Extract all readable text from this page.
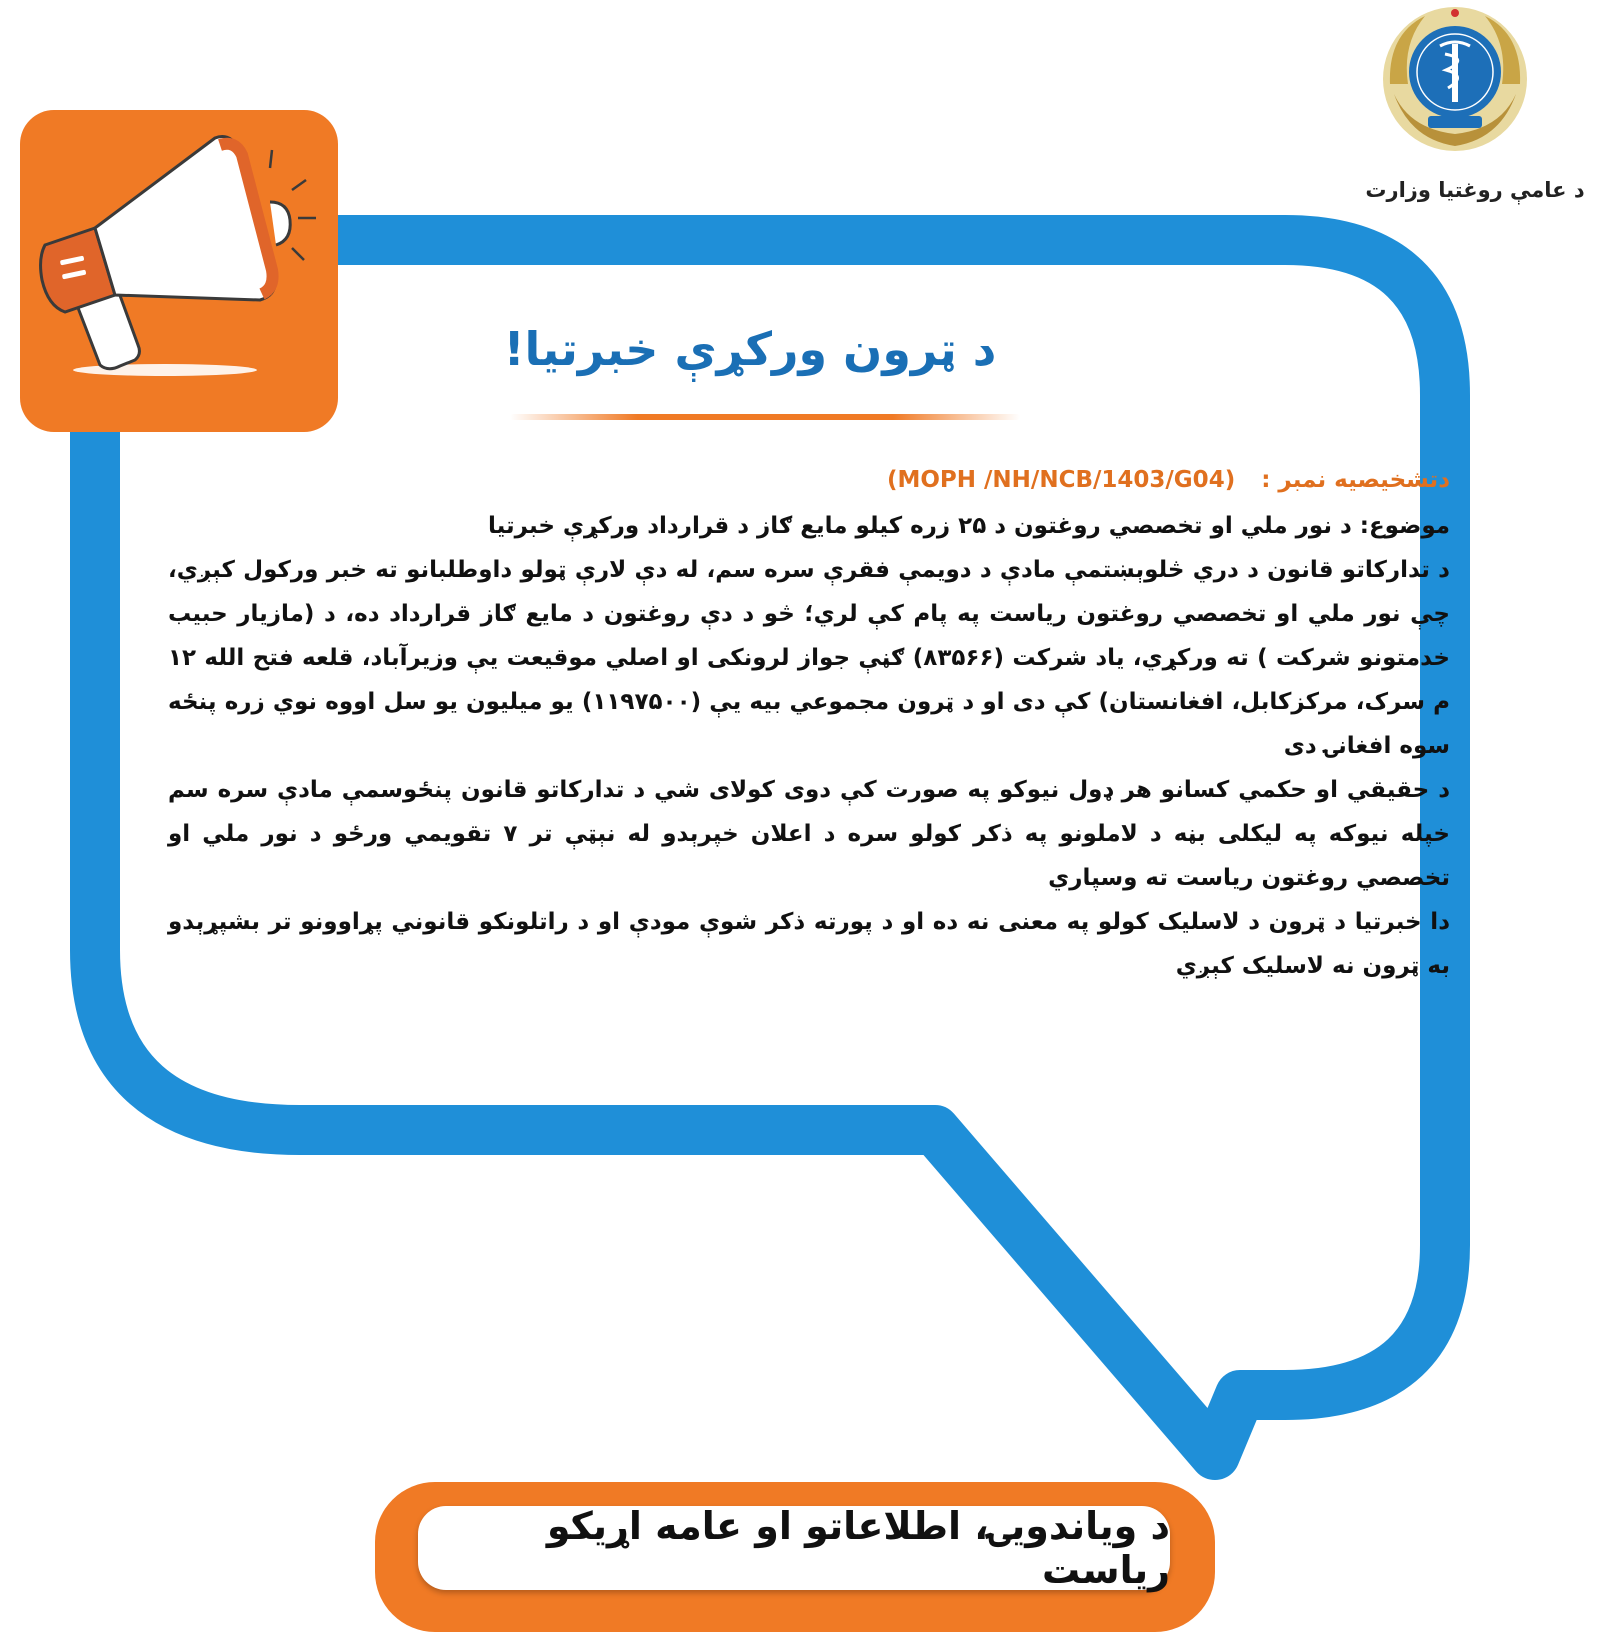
د عامې روغتیا وزارت
د ټرون ورکړې خبرتیا!
دتشخیصیه نمبر : (MOPH /NH/NCB/1403/G04)

موضوع: د نور ملي او تخصصي روغتون د ۲۵ زره کیلو مایع ګاز د قرارداد ورکړې خبرتیا

د تدارکاتو قانون د دري څلوېښتمې مادې د دویمې فقرې سره سم، له دې لارې ټولو داوطلبانو ته خبر ورکول کېږي، چې نور ملي او تخصصي روغتون ریاست په پام کې لري؛ څو د دې روغتون د مایع ګاز قرارداد ده، د (مازیار حبیب خدمتونو شرکت ) ته ورکړي، یاد شرکت (۸۳۵۶۶) ګڼې جواز لرونکی او اصلي موقیعت یې وزیرآباد، قلعه فتح الله ۱۲ م سرک، مرکزکابل، افغانستان) کې دی او د ټرون مجموعي بیه یې (۱۱۹۷۵۰۰) یو میلیون یو سل اووه نوي زره پنځه سوه افغانۍ دی

د حقیقي او حکمي کسانو هر ډول نیوکو په صورت کې دوی کولای شي د تدارکاتو قانون پنځوسمې مادې سره سم خپله نیوکه په لیکلی بڼه د لاملونو په ذکر کولو سره د اعلان خپرېدو له نېټې تر ۷ تقویمي ورځو د نور ملي او تخصصي روغتون ریاست ته وسپاري

دا خبرتیا د ټرون د لاسلیک کولو په معنی نه ده او د پورته ذکر شوې مودې او د راتلونکو قانوني پړاوونو تر بشپړېدو به ټرون نه لاسلیک کېږي

د ویاندویۍ، اطلاعاتو او عامه اړیکو ریاست
